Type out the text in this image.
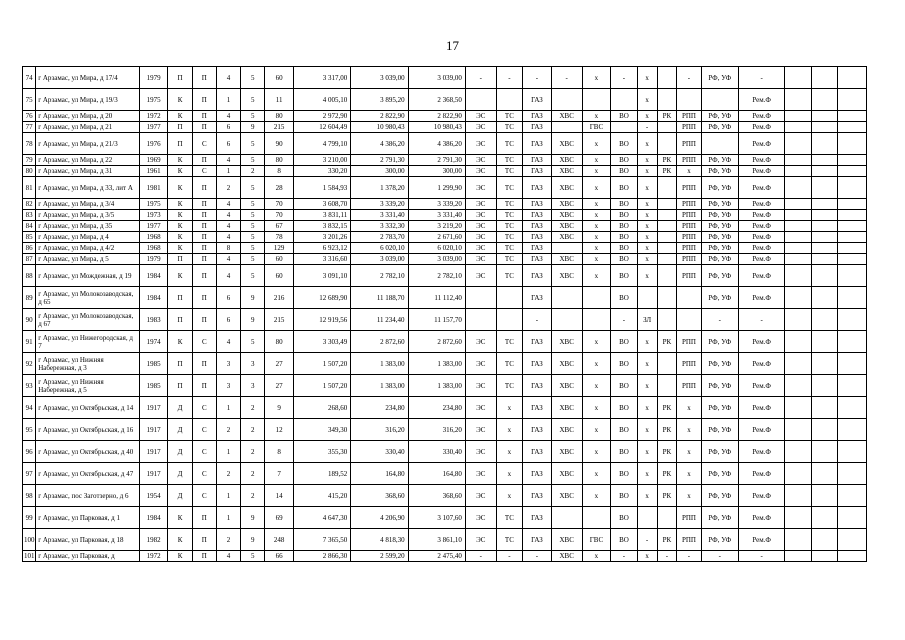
17
74	г Арзамас, ул Мира, д 17/4	1979	П	П	4	5	60	3 317,00	3 039,00	3 039,00	-	-	-	-	х	-	х		-	РФ, УФ	-			
75	г Арзамас, ул Мира, д 19/3	1975	К	П	1	5	11	4 005,10	3 895,20	2 368,50			ГАЗ				х				Рем.Ф			
76	г Арзамас, ул Мира, д 20	1972	К	П	4	5	80	2 972,90	2 822,90	2 822,90	ЭС	ТС	ГАЗ	ХВС	х	ВО	х	РК	РПП	РФ, УФ	Рем.Ф			
77	г Арзамас, ул Мира, д 21	1977	П	П	6	9	215	12 604,49	10 980,43	10 980,43	ЭС	ТС	ГАЗ		ГВС		-		РПП	РФ, УФ	Рем.Ф			
78	г Арзамас, ул Мира, д 21/3	1976	П	С	6	5	90	4 799,10	4 386,20	4 386,20	ЭС	ТС	ГАЗ	ХВС	х	ВО	х		РПП		Рем.Ф			
79	г Арзамас, ул Мира, д 22	1969	К	П	4	5	80	3 210,00	2 791,30	2 791,30	ЭС	ТС	ГАЗ	ХВС	х	ВО	х	РК	РПП	РФ, УФ	Рем.Ф			
80	г Арзамас, ул Мира, д 31	1961	К	С	1	2	8	330,20	300,00	300,00	ЭС	ТС	ГАЗ	ХВС	х	ВО	х	РК	х	РФ, УФ	Рем.Ф			
81	г Арзамас, ул Мира, д 33, лит А	1981	К	П	2	5	28	1 584,93	1 378,20	1 299,90	ЭС	ТС	ГАЗ	ХВС	х	ВО	х		РПП	РФ, УФ	Рем.Ф			
82	г Арзамас, ул Мира, д 3/4	1975	К	П	4	5	70	3 608,70	3 339,20	3 339,20	ЭС	ТС	ГАЗ	ХВС	х	ВО	х		РПП	РФ, УФ	Рем.Ф			
83	г Арзамас, ул Мира, д 3/5	1973	К	П	4	5	70	3 831,11	3 331,40	3 331,40	ЭС	ТС	ГАЗ	ХВС	х	ВО	х		РПП	РФ, УФ	Рем.Ф			
84	г Арзамас, ул Мира, д 35	1977	К	П	4	5	67	3 832,15	3 332,30	3 219,20	ЭС	ТС	ГАЗ	ХВС	х	ВО	х		РПП	РФ, УФ	Рем.Ф			
85	г Арзамас, ул Мира, д 4	1968	К	П	4	5	78	3 201,26	2 783,70	2 671,60	ЭС	ТС	ГАЗ	ХВС	х	ВО	х		РПП	РФ, УФ	Рем.Ф			
86	г Арзамас, ул Мира, д 4/2	1968	К	П	8	5	129	6 923,12	6 020,10	6 020,10	ЭС	ТС	ГАЗ		х	ВО	х		РПП	РФ, УФ	Рем.Ф			
87	г Арзамас, ул Мира, д 5	1979	П	П	4	5	60	3 316,60	3 039,00	3 039,00	ЭС	ТС	ГАЗ	ХВС	х	ВО	х		РПП	РФ, УФ	Рем.Ф			
88	г Арзамас, ул Мождежная, д 19	1984	К	П	4	5	60	3 091,10	2 782,10	2 782,10	ЭС	ТС	ГАЗ	ХВС	х	ВО	х		РПП	РФ, УФ	Рем.Ф			
89	г Арзамас, ул Молокозаводская, д 65	1984	П	П	6	9	216	12 689,90	11 188,70	11 112,40			ГАЗ			ВО				РФ, УФ	Рем.Ф			
90	г Арзамас, ул Молокозаводская, д 67	1983	П	П	6	9	215	12 919,56	11 234,40	11 157,70			-			-	ЗЛ			-	-			
91	г Арзамас, ул Нижегородская, д 7	1974	К	С	4	5	80	3 303,49	2 872,60	2 872,60	ЭС	ТС	ГАЗ	ХВС	х	ВО	х	РК	РПП	РФ, УФ	Рем.Ф			
92	г Арзамас, ул Нижняя Набережная, д 3	1985	П	П	3	3	27	1 507,20	1 383,00	1 383,00	ЭС	ТС	ГАЗ	ХВС	х	ВО	х		РПП	РФ, УФ	Рем.Ф			
93	г Арзамас, ул Нижняя Набережная, д 5	1985	П	П	3	3	27	1 507,20	1 383,00	1 383,00	ЭС	ТС	ГАЗ	ХВС	х	ВО	х		РПП	РФ, УФ	Рем.Ф			
94	г Арзамас, ул Октябрьская, д 14	1917	Д	С	1	2	9	268,60	234,80	234,80	ЭС	х	ГАЗ	ХВС	х	ВО	х	РК	х	РФ, УФ	Рем.Ф			
95	г Арзамас, ул Октябрьская, д 16	1917	Д	С	2	2	12	349,30	316,20	316,20	ЭС	х	ГАЗ	ХВС	х	ВО	х	РК	х	РФ, УФ	Рем.Ф			
96	г Арзамас, ул Октябрьская, д 40	1917	Д	С	1	2	8	355,30	330,40	330,40	ЭС	х	ГАЗ	ХВС	х	ВО	х	РК	х	РФ, УФ	Рем.Ф			
97	г Арзамас, ул Октябрьская, д 47	1917	Д	С	2	2	7	189,52	164,80	164,80	ЭС	х	ГАЗ	ХВС	х	ВО	х	РК	х	РФ, УФ	Рем.Ф			
98	г Арзамас, пос Заготзерно, д 6	1954	Д	С	1	2	14	415,20	368,60	368,60	ЭС	х	ГАЗ	ХВС	х	ВО	х	РК	х	РФ, УФ	Рем.Ф			
99	г Арзамас, ул Парковая, д 1	1984	К	П	1	9	69	4 647,30	4 206,90	3 107,60	ЭС	ТС	ГАЗ			ВО			РПП	РФ, УФ	Рем.Ф			
100	г Арзамас, ул Парковая, д 18	1982	К	П	2	9	248	7 365,50	4 818,30	3 861,10	ЭС	ТС	ГАЗ	ХВС	ГВС	ВО	-	РК	РПП	РФ, УФ	Рем.Ф			
101	г Арзамас, ул Парковая, д	1972	К	П	4	5	66	2 866,30	2 599,20	2 475,40	-	-	-	ХВС	х	-	х	-	-	-	-			
